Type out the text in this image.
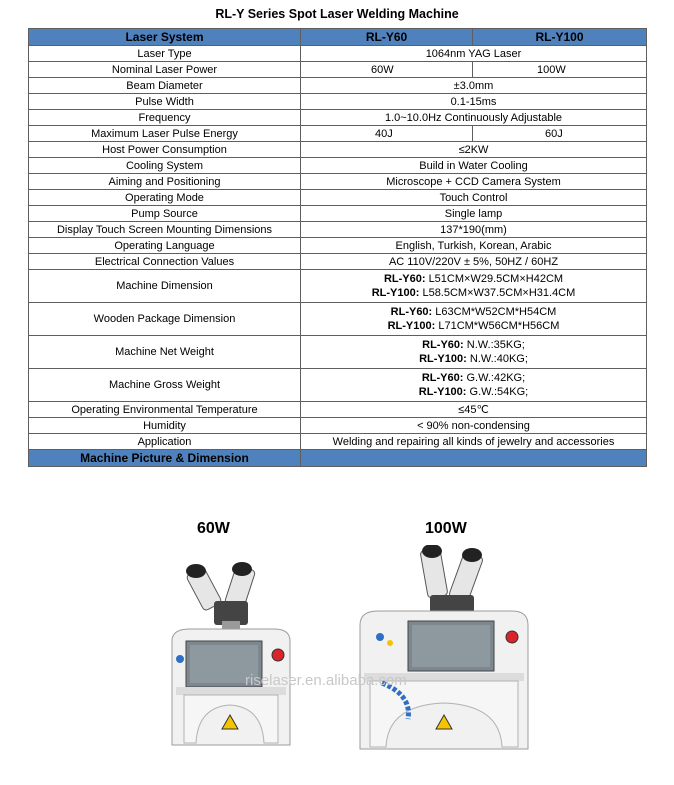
RL-Y Series Spot Laser Welding Machine
Laser System	RL-Y60	RL-Y100
Laser Type	1064nm YAG Laser	
Nominal Laser Power	60W	100W
Beam Diameter	±3.0mm	
Pulse Width	0.1-15ms	
Frequency	1.0~10.0Hz Continuously Adjustable	
Maximum Laser Pulse Energy	40J	60J
Host Power Consumption	≤2KW	
Cooling System	Build in Water Cooling	
Aiming and Positioning	Microscope + CCD Camera System	
Operating Mode	Touch Control	
Pump Source	Single lamp	
Display Touch Screen Mounting Dimensions	137*190(mm)	
Operating Language	English, Turkish, Korean, Arabic	
Electrical Connection Values	AC 110V/220V ± 5%, 50HZ / 60HZ	
Machine Dimension	RL-Y60: L51CM×W29.5CM×H42CM
RL-Y100: L58.5CM×W37.5CM×H31.4CM	

Wooden Package Dimension	RL-Y60: L63CM*W52CM*H54CM
RL-Y100: L71CM*W56CM*H56CM	

Machine Net Weight	RL-Y60: N.W.:35KG;
RL-Y100: N.W.:40KG;	

Machine Gross Weight	RL-Y60: G.W.:42KG;
RL-Y100: G.W.:54KG;	

Operating Environmental Temperature	≤45℃	
Humidity	< 90% non-condensing	
Application	Welding and repairing all kinds of jewelry and accessories	
Machine Picture & Dimension		
60W	100W
riselaser.en.alibaba.com
